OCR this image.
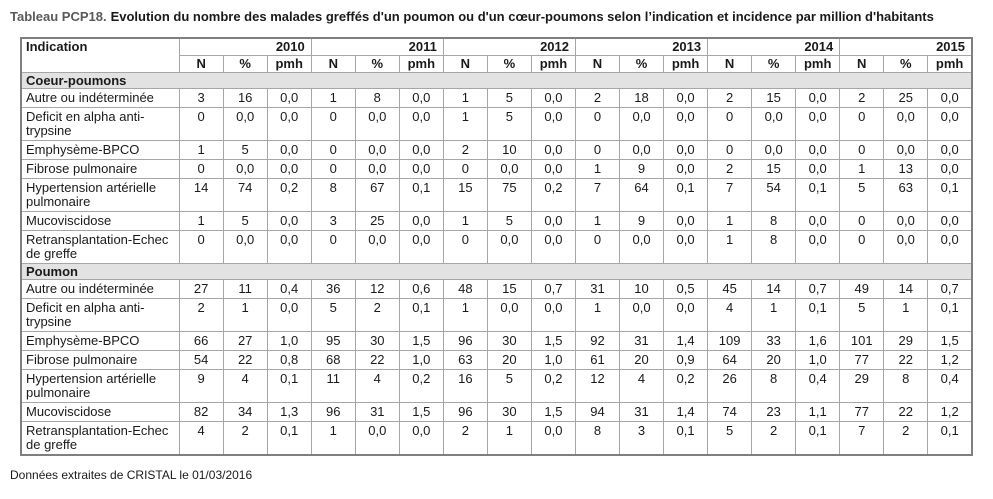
Tableau PCP18. Evolution du nombre des malades greffés d'un poumon ou d'un cœur-poumons selon l’indication et incidence par million d'habitants
Indication	2010			2011			2012			2013			2014			2015		
	N	%	pmh	N	%	pmh	N	%	pmh	N	%	pmh	N	%	pmh	N	%	pmh
Coeur-poumons																		
Autre ou indéterminée	3	16	0,0	1	8	0,0	1	5	0,0	2	18	0,0	2	15	0,0	2	25	0,0
Deficit en alpha anti-trypsine	0	0,0	0,0	0	0,0	0,0	1	5	0,0	0	0,0	0,0	0	0,0	0,0	0	0,0	0,0
Emphysème-BPCO	1	5	0,0	0	0,0	0,0	2	10	0,0	0	0,0	0,0	0	0,0	0,0	0	0,0	0,0
Fibrose pulmonaire	0	0,0	0,0	0	0,0	0,0	0	0,0	0,0	1	9	0,0	2	15	0,0	1	13	0,0
Hypertension artérielle pulmonaire	14	74	0,2	8	67	0,1	15	75	0,2	7	64	0,1	7	54	0,1	5	63	0,1
Mucoviscidose	1	5	0,0	3	25	0,0	1	5	0,0	1	9	0,0	1	8	0,0	0	0,0	0,0
Retransplantation-Echec de greffe	0	0,0	0,0	0	0,0	0,0	0	0,0	0,0	0	0,0	0,0	1	8	0,0	0	0,0	0,0
Poumon																		
Autre ou indéterminée	27	11	0,4	36	12	0,6	48	15	0,7	31	10	0,5	45	14	0,7	49	14	0,7
Deficit en alpha anti-trypsine	2	1	0,0	5	2	0,1	1	0,0	0,0	1	0,0	0,0	4	1	0,1	5	1	0,1
Emphysème-BPCO	66	27	1,0	95	30	1,5	96	30	1,5	92	31	1,4	109	33	1,6	101	29	1,5
Fibrose pulmonaire	54	22	0,8	68	22	1,0	63	20	1,0	61	20	0,9	64	20	1,0	77	22	1,2
Hypertension artérielle pulmonaire	9	4	0,1	11	4	0,2	16	5	0,2	12	4	0,2	26	8	0,4	29	8	0,4
Mucoviscidose	82	34	1,3	96	31	1,5	96	30	1,5	94	31	1,4	74	23	1,1	77	22	1,2
Retransplantation-Echec de greffe	4	2	0,1	1	0,0	0,0	2	1	0,0	8	3	0,1	5	2	0,1	7	2	0,1
Données extraites de CRISTAL le 01/03/2016
